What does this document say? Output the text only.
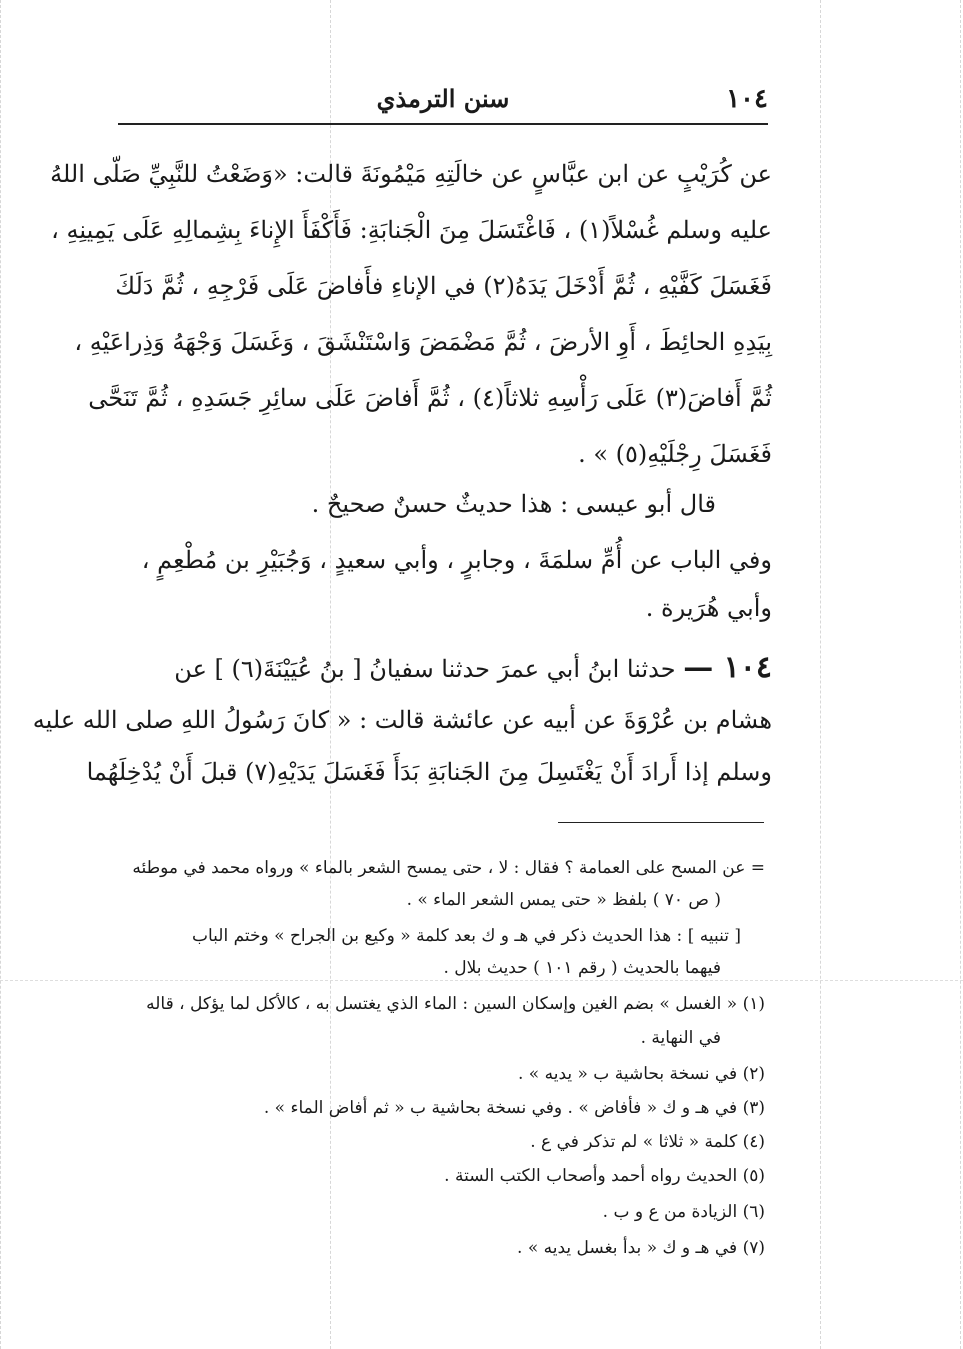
١٠٤
سنن الترمذي
عن كُرَيْبٍ عن ابن عبَّاسٍ عن خالَتِهِ مَيْمُونَةَ قالت: «وَضَعْتُ للنَّبِيِّ صَلّى اللهُ
عليه وسلم غُسْلاً(١) ، فَاغْتَسَلَ مِنَ الْجَنابَةِ: فَأَكْفَأَ الإِناءَ بِشِمالِهِ عَلَى يَمِينِهِ ،
فَغَسَلَ كَفَّيْهِ ، ثُمَّ أَدْخَلَ يَدَهُ(٢) في الإناءِ فأَفاضَ عَلَى فَرْجِهِ ، ثُمَّ دَلَكَ
بِيَدِهِ الحائِطَ ، أَوِ الأرضَ ، ثُمَّ مَضْمَضَ وَاسْتَنْشَقَ ، وَغَسَلَ وَجْهَهُ وَذِراعَيْهِ ،
ثُمَّ أَفاضَ(٣) عَلَى رَأْسِهِ ثلاثاً(٤) ، ثُمَّ أَفاضَ عَلَى سائِرِ جَسَدِهِ ، ثُمَّ تَنَحَّى
فَغَسَلَ رِجْلَيْهِ(٥) » .
قال أبو عيسى : هذا حديثٌ حسنٌ صحيحٌ .
وفي الباب عن أُمِّ سلمَةَ ، وجابرٍ ، وأبي سعيدٍ ، وَجُبَيْرِ بن مُطْعِمٍ ،
وأبي هُرَيرة .
١٠٤ — حدثنا ابنُ أبي عمرَ حدثنا سفيانُ [ بنُ عُيَيْنَةَ(٦) ] عن
هشام بن عُرْوَةَ عن أبيه عن عائشة قالت : « كانَ رَسُولُ اللهِ صلى الله عليه
وسلم إذا أَرادَ أَنْ يَغْتَسِلَ مِنَ الجَنابَةِ بَدَأَ فَغَسَلَ يَدَيْهِ(٧) قبلَ أَنْ يُدْخِلَهُما
= عن المسح على العمامة ؟ فقال : لا ، حتى يمسح الشعر بالماء » ورواه محمد في موطئه
( ص ٧٠ ) بلفظ « حتى يمس الشعر الماء » .
[ تنبيه ] : هذا الحديث ذكر في هـ و ك بعد كلمة « وكيع بن الجراح » وختم الباب
فيهما بالحديث ( رقم ١٠١ ) حديث بلال .
(١) « الغسل » بضم الغين وإسكان السين : الماء الذي يغتسل به ، كالأكل لما يؤكل ، قاله
في النهاية .
(٢) في نسخة بحاشية ب « يديه » .
(٣) في هـ و ك « فأفاض » . وفي نسخة بحاشية ب « ثم أفاض الماء » .
(٤) كلمة « ثلاثا » لم تذكر في ع .
(٥) الحديث رواه أحمد وأصحاب الكتب الستة .
(٦) الزيادة من ع و ب .
(٧) في هـ و ك « بدأ بغسل يديه » .
